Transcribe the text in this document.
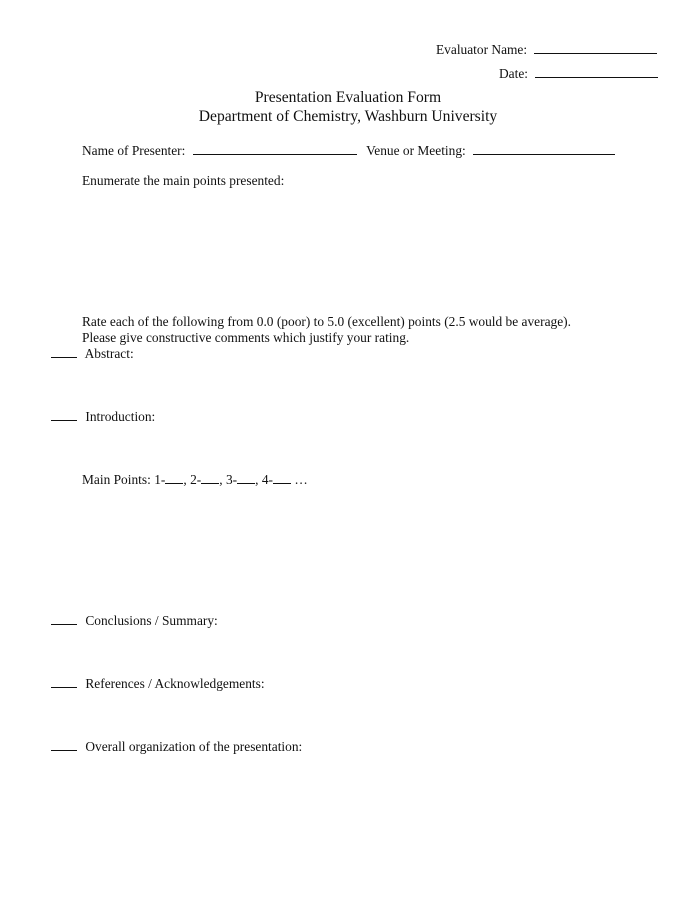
Evaluator Name:
Date:
Presentation Evaluation Form
Department of Chemistry, Washburn University
Name of Presenter:	Venue or Meeting:
Enumerate the main points presented:
Rate each of the following from 0.0 (poor) to 5.0 (excellent) points (2.5 would be average).
Please give constructive comments which justify your rating.
Abstract:
Introduction:
Main Points: 1- , 2- , 3- , 4- …
Conclusions / Summary:
References / Acknowledgements:
Overall organization of the presentation:
